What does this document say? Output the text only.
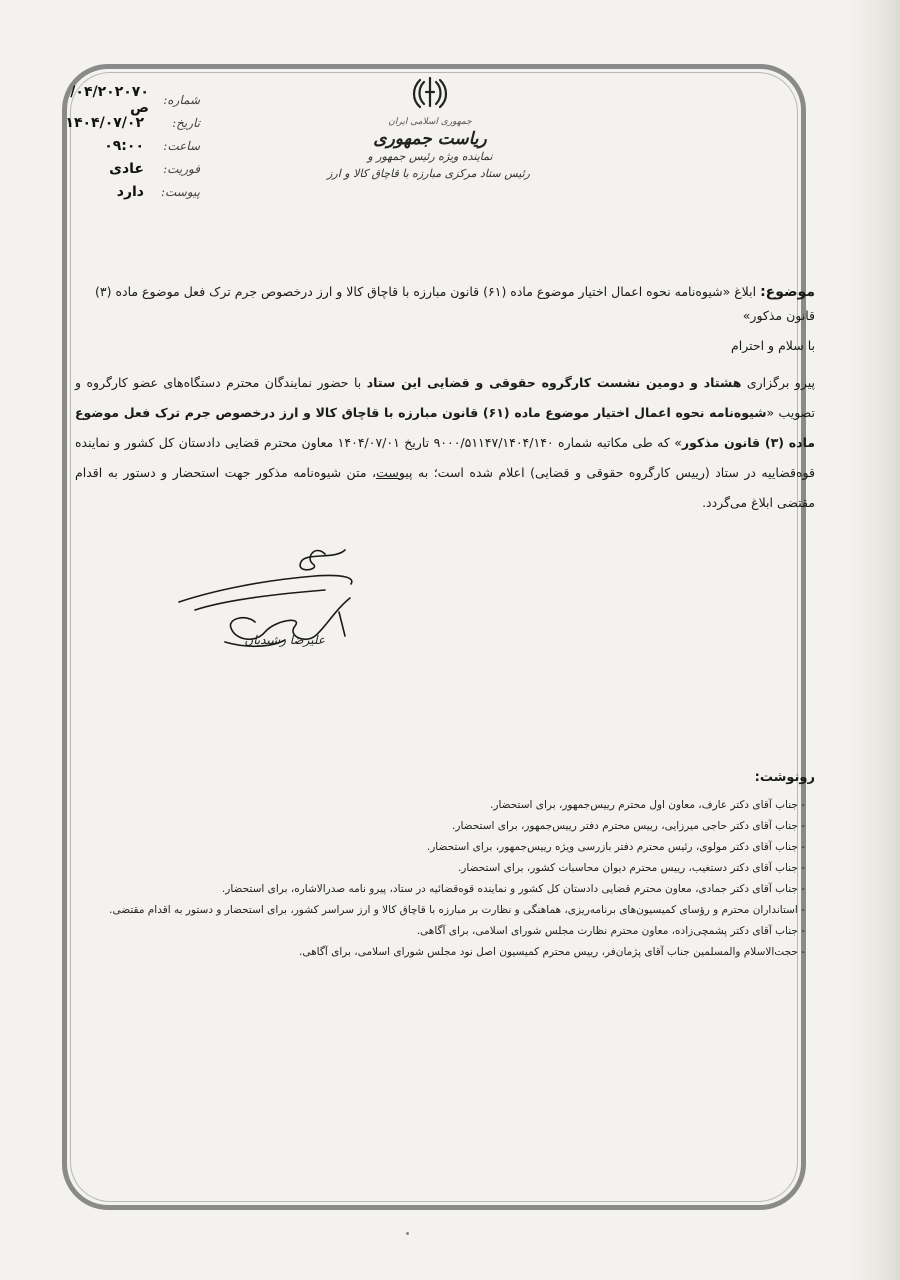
شماره:
۰۴/۲۰۲۰۷۰/ص
تاریخ:
۱۴۰۴/۰۷/۰۲
ساعت:
۰۹:۰۰
فوریت:
عادی
پیوست:
دارد
جمهوری اسلامی ایران
ریاست جمهوری
نماینده ویژه رئیس جمهور و
رئیس ستاد مرکزی مبارزه با قاچاق کالا و ارز
موضوع: ابلاغ «شیوه‌نامه نحوه اعمال اختیار موضوع ماده (۶۱) قانون مبارزه با قاچاق کالا و ارز درخصوص جرم ترک فعل موضوع ماده (۳) قانون مذکور»
با سلام و احترام
پیرو برگزاری هشتاد و دومین نشست کارگروه حقوقی و قضایی این ستاد با حضور نمایندگان محترم دستگاه‌های عضو کارگروه و تصویب «شیوه‌نامه نحوه اعمال اختیار موضوع ماده (۶۱) قانون مبارزه با قاچاق کالا و ارز درخصوص جرم ترک فعل موضوع ماده (۳) قانون مذکور» که طی مکاتبه شماره ۹۰۰۰/۵۱۱۴۷/۱۴۰۴/۱۴۰ تاریخ ۱۴۰۴/۰۷/۰۱ معاون محترم قضایی دادستان کل کشور و نماینده قوه‌قضاییه در ستاد (رییس کارگروه حقوقی و قضایی) اعلام شده است؛ به پیوست، متن شیوه‌نامه مذکور جهت استحضار و دستور به اقدام مقتضی ابلاغ می‌گردد.
علیرضا رشیدیان
رونوشت:
- جناب آقای دکتر عارف، معاون اول محترم رییس‌جمهور، برای استحضار.
- جناب آقای دکتر حاجی میرزایی، رییس محترم دفتر رییس‌جمهور، برای استحضار.
- جناب آقای دکتر مولوی، رئیس محترم دفتر بازرسی ویژه رییس‌جمهور، برای استحضار.
- جناب آقای دکتر دستغیب، رییس محترم دیوان محاسبات کشور، برای استحضار.
- جناب آقای دکتر جمادی، معاون محترم قضایی دادستان کل کشور و نماینده قوه‌قضائیه در ستاد، پیرو نامه صدرالاشاره، برای استحضار.
- استانداران محترم و رؤسای کمیسیون‌های برنامه‌ریزی، هماهنگی و نظارت بر مبارزه با قاچاق کالا و ارز سراسر کشور، برای استحضار و دستور به اقدام مقتضی.
- جناب آقای دکتر پشمچی‌زاده، معاون محترم نظارت مجلس شورای اسلامی، برای آگاهی.
- حجت‌الاسلام والمسلمین جناب آقای پژمان‌فر، رییس محترم کمیسیون اصل نود مجلس شورای اسلامی، برای آگاهی.
